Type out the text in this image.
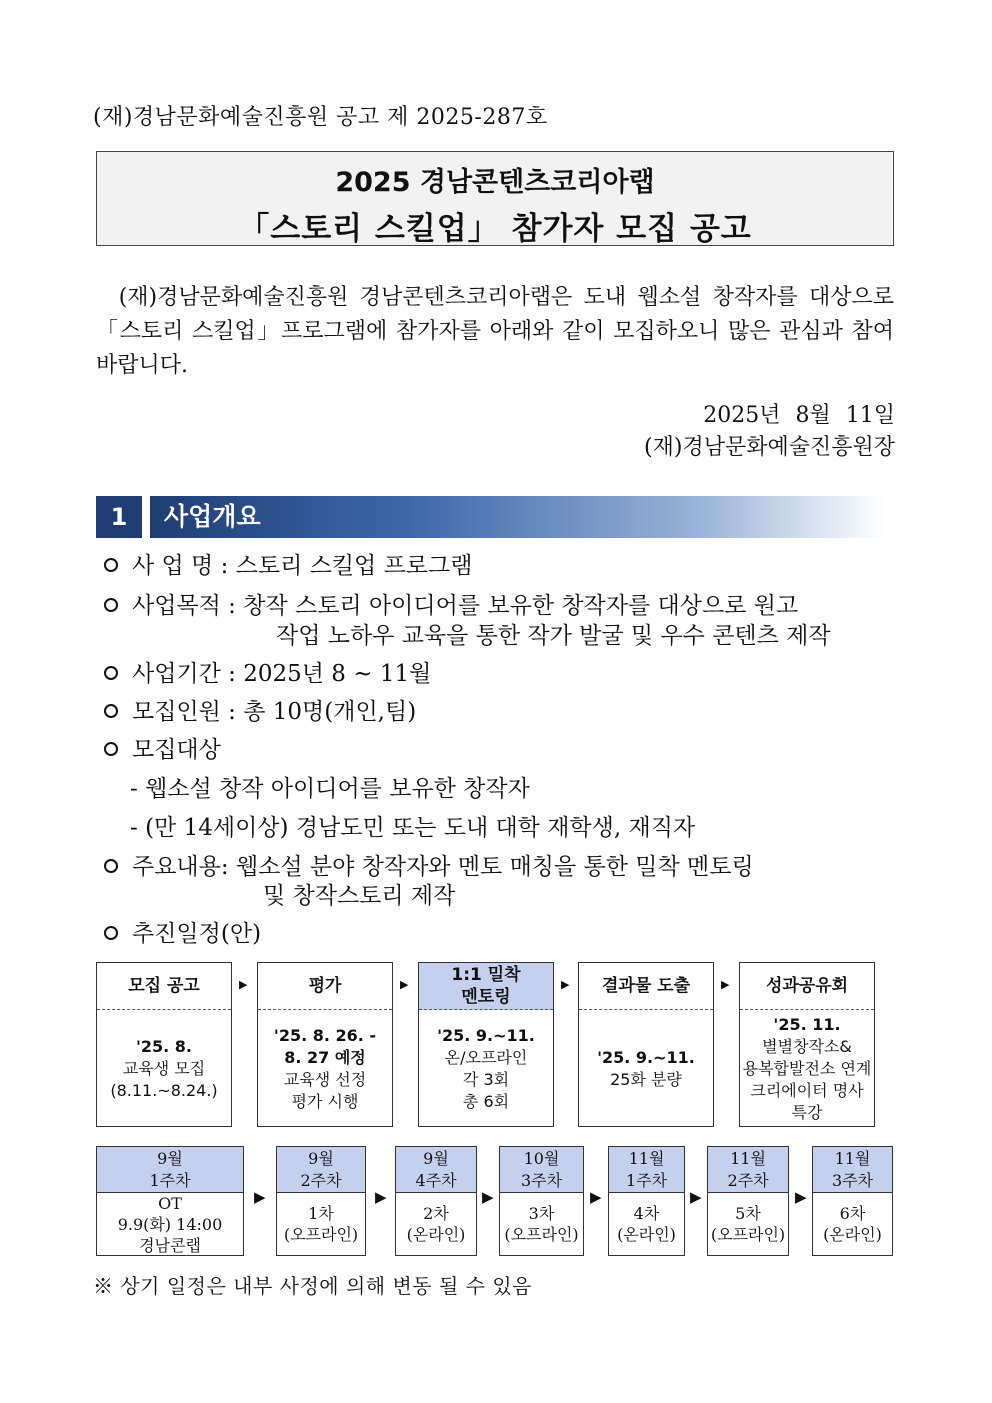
(재)경남문화예술진흥원 공고 제 2025-287호
2025 경남콘텐츠코리아랩
「스토리 스킬업」 참가자 모집 공고
(재)경남문화예술진흥원 경남콘텐츠코리아랩은 도내 웹소설 창작자를 대상으로 「스토리 스킬업」프로그램에 참가자를 아래와 같이 모집하오니 많은 관심과 참여 바랍니다.
2025년 8월 11일
(재)경남문화예술진흥원장
1	사업개요
사 업 명 : 스토리 스킬업 프로그램
사업목적 : 창작 스토리 아이디어를 보유한 창작자를 대상으로 원고
작업 노하우 교육을 통한 작가 발굴 및 우수 콘텐츠 제작
사업기간 : 2025년 8 ~ 11월
모집인원 : 총 10명(개인,팀)
모집대상
- 웹소설 창작 아이디어를 보유한 창작자
- (만 14세이상) 경남도민 또는 도내 대학 재학생, 재직자
주요내용: 웹소설 분야 창작자와 멘토 매칭을 통한 밀착 멘토링
및 창작스토리 제작
추진일정(안)
모집 공고
'25. 8.
교육생 모집
(8.11.~8.24.)
▶	평가
'25. 8. 26. -
8. 27 예정
교육생 선정
평가 시행
▶	1:1 밀착
멘토링
'25. 9.~11.
온/오프라인
각 3회
총 6회
▶	결과물 도출
'25. 9.~11.
25화 분량
▶	성과공유회
'25. 11.
별별창작소&
용복합발전소 연계
크리에이터 명사
특강
9월
1주차
OT
9.9(화) 14:00
경남콘랩
▶
9월
2주차
1차
(오프라인)
▶
9월
4주차
2차
(온라인)
▶
10월
3주차
3차
(오프라인)
▶
11월
1주차
4차
(온라인)
▶
11월
2주차
5차
(오프라인)
▶
11월
3주차
6차
(온라인)
※ 상기 일정은 내부 사정에 의해 변동 될 수 있음
